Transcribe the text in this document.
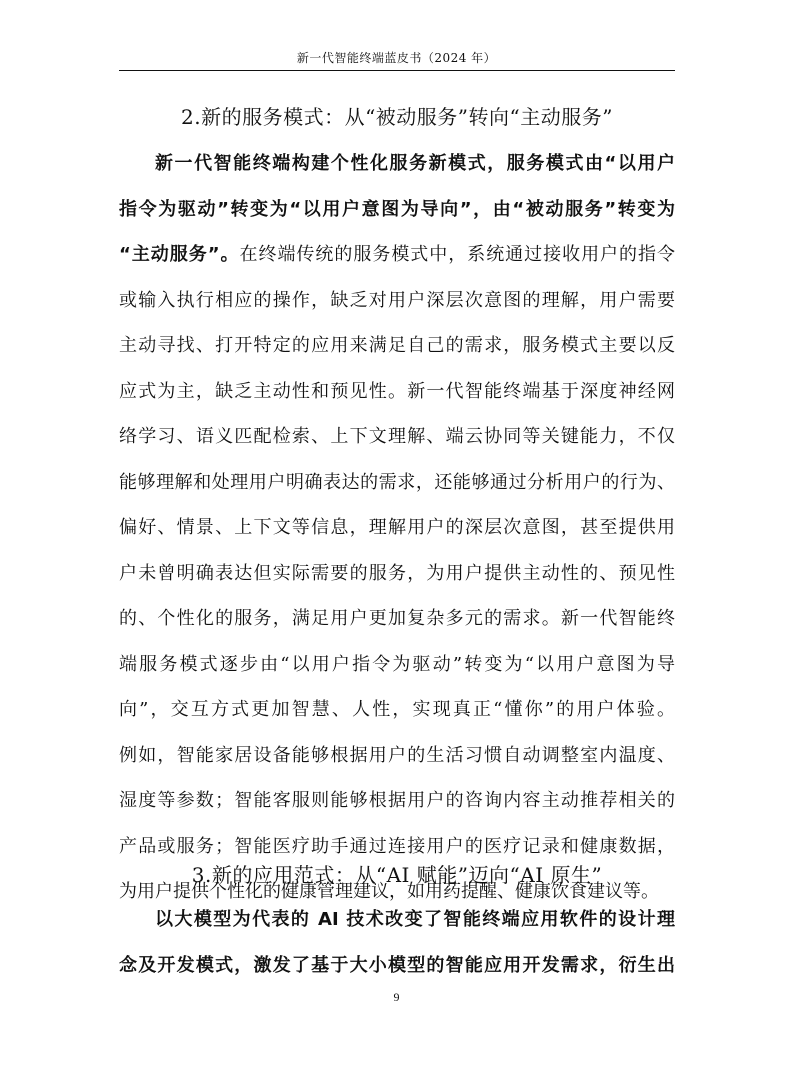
新一代智能终端蓝皮书（2024 年）
2.新的服务模式：从“被动服务”转向“主动服务”
新一代智能终端构建个性化服务新模式，服务模式由“以用户
指令为驱动”转变为“以用户意图为导向”，由“被动服务”转变为
“主动服务”。在终端传统的服务模式中，系统通过接收用户的指令
或输入执行相应的操作，缺乏对用户深层次意图的理解，用户需要
主动寻找、打开特定的应用来满足自己的需求，服务模式主要以反
应式为主，缺乏主动性和预见性。新一代智能终端基于深度神经网
络学习、语义匹配检索、上下文理解、端云协同等关键能力，不仅
能够理解和处理用户明确表达的需求，还能够通过分析用户的行为、
偏好、情景、上下文等信息，理解用户的深层次意图，甚至提供用
户未曾明确表达但实际需要的服务，为用户提供主动性的、预见性
的、个性化的服务，满足用户更加复杂多元的需求。新一代智能终
端服务模式逐步由“以用户指令为驱动”转变为“以用户意图为导
向”，交互方式更加智慧、人性，实现真正“懂你”的用户体验。
例如，智能家居设备能够根据用户的生活习惯自动调整室内温度、
湿度等参数；智能客服则能够根据用户的咨询内容主动推荐相关的
产品或服务；智能医疗助手通过连接用户的医疗记录和健康数据，
为用户提供个性化的健康管理建议，如用药提醒、健康饮食建议等。
3.新的应用范式：从“AI 赋能”迈向“AI 原生”
以大模型为代表的 AI 技术改变了智能终端应用软件的设计理
念及开发模式，激发了基于大小模型的智能应用开发需求，衍生出
9
